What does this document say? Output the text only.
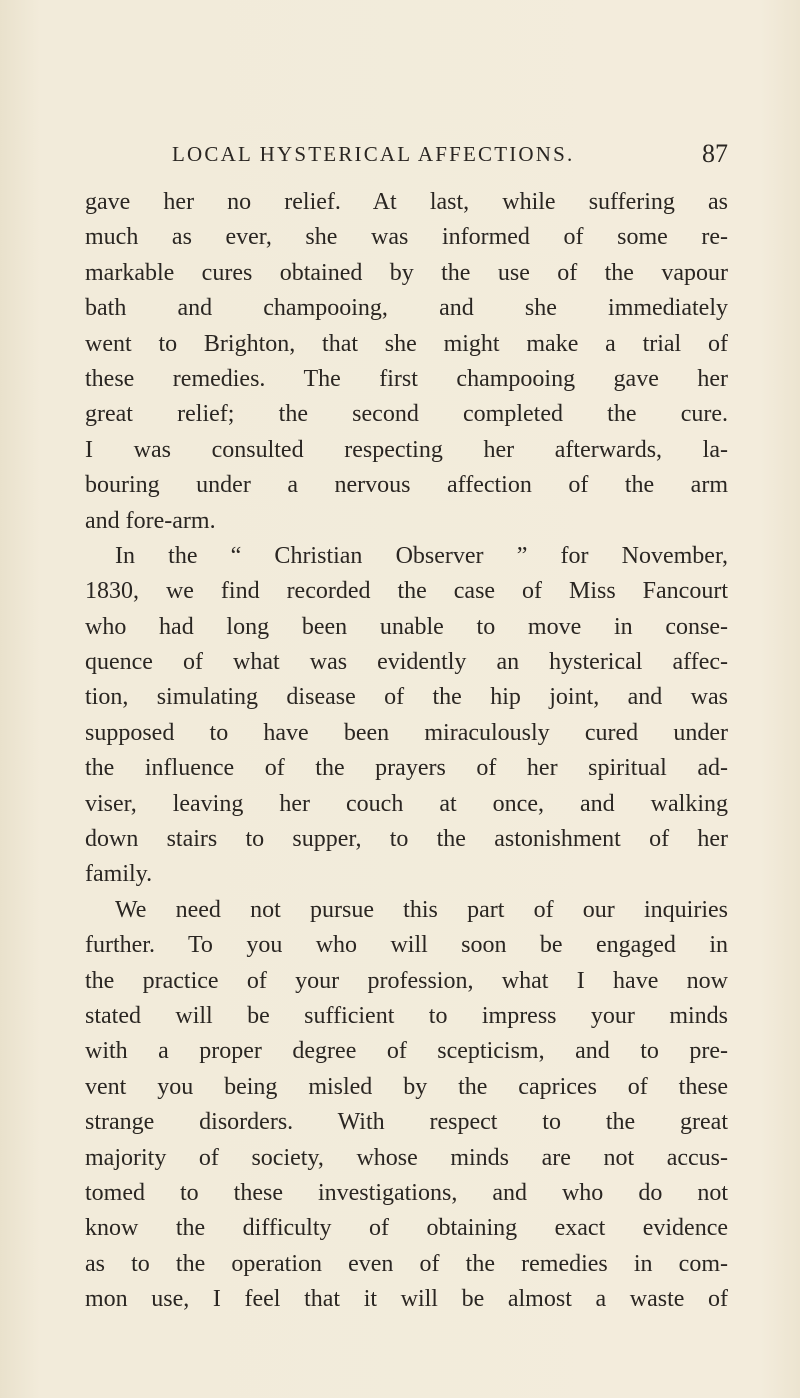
LOCAL HYSTERICAL AFFECTIONS.	87
gave her no relief. At last, while suffering as
much as ever, she was informed of some re-
markable cures obtained by the use of the vapour
bath and champooing, and she immediately
went to Brighton, that she might make a trial of
these remedies. The first champooing gave her
great relief; the second completed the cure.
I was consulted respecting her afterwards, la-
bouring under a nervous affection of the arm
and fore-arm.
In the “ Christian Observer ” for November,
1830, we find recorded the case of Miss Fancourt
who had long been unable to move in conse-
quence of what was evidently an hysterical affec-
tion, simulating disease of the hip joint, and was
supposed to have been miraculously cured under
the influence of the prayers of her spiritual ad-
viser, leaving her couch at once, and walking
down stairs to supper, to the astonishment of her
family.
We need not pursue this part of our inquiries
further. To you who will soon be engaged in
the practice of your profession, what I have now
stated will be sufficient to impress your minds
with a proper degree of scepticism, and to pre-
vent you being misled by the caprices of these
strange disorders. With respect to the great
majority of society, whose minds are not accus-
tomed to these investigations, and who do not
know the difficulty of obtaining exact evidence
as to the operation even of the remedies in com-
mon use, I feel that it will be almost a waste of
